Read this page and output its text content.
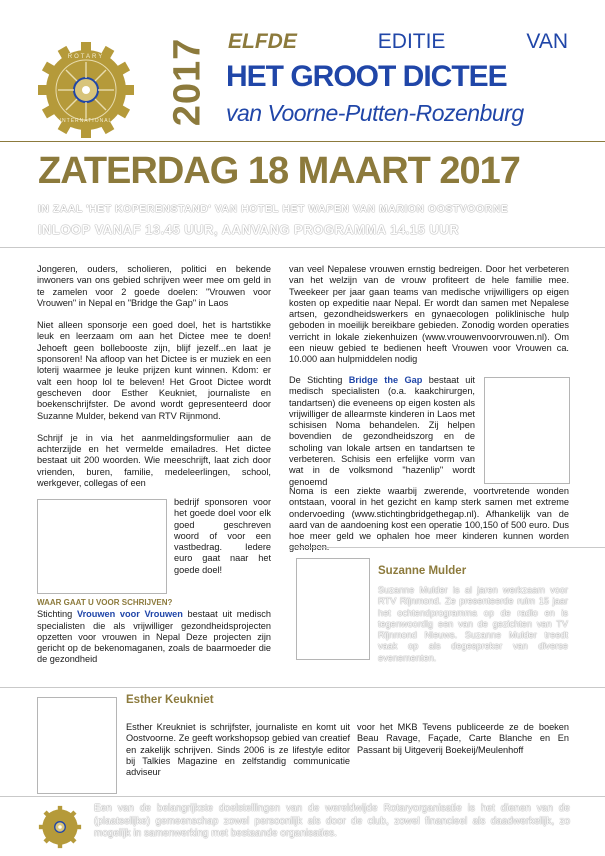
ROTARY
INTERNATIONAL 2017 ELFDE	EDITIE	VAN
HET GROOT DICTEE
van Voorne-Putten-Rozenburg
ZATERDAG 18 MAART 2017
IN ZAAL 'HET KOPERENSTAND' VAN HOTEL HET WAPEN VAN MARION OOSTVOORNE
INLOOP VANAF 13.45 UUR, AANVANG PROGRAMMA 14.15 UUR

Jongeren, ouders, scholieren, politici en bekende inwoners van ons gebied schrijven weer mee om geld in te zamelen voor 2 goede doelen: "Vrouwen voor Vrouwen" in Nepal en "Bridge the Gap" in Laos

Niet alleen sponsorje een goed doel, het is hartstikke leuk en leerzaam om aan het Dictee mee te doen! Jehoeft geen bollebooste zijn, blijf jezelf...en laat je sponsoren! Na afloop van het Dictee is er muziek en een loterij waarmee je leuke prijzen kunt winnen. Kdom: er valt een hoop lol te beleven! Het Groot Dictee wordt gescheven door Esther Keukniet, journaliste en boekenschrijfster. De avond wordt gepresenteerd door Suzanne Mulder, bekend van RTV Rijnmond.

Schrijf je in via het aanmeldingsformulier aan de achterzijde en het vermelde emailadres. Het dictee bestaat uit 200 woorden. Wie meeschrijft, laat zich door vrienden, buren, familie, medeleerlingen, school, werkgever, collegas of een

bedrijf sponsoren voor het goede doel voor elk goed geschreven woord of voor een vastbedrag. Iedere euro gaat naar het goede doel!
WAAR GAAT U VOOR SCHRIJVEN?
Stichting Vrouwen voor Vrouwen bestaat uit medisch specialisten die als vrijwilliger gezondheidsprojecten opzetten voor vrouwen in Nepal Deze projecten zijn gericht op de bekenomaganen, zoals de baarmoeder die de gezondheid

van veel Nepalese vrouwen ernstig bedreigen. Door het verbeteren van het welzijn van de vrouw profiteert de hele familie mee. Tweekeer per jaar gaan teams van medische vrijwilligers op eigen kosten op expeditie naar Nepal. Er wordt dan samen met Nepalese artsen, gezondheidswerkers en gynaecologen poliklinische hulp geboden in moeilijk bereikbare gebieden. Zonodig worden operaties verricht in lokale ziekenhuizen (www.vrouwenvoorvrouwen.nl). Om een nieuw gebied te bedienen heeft Vrouwen voor Vrouwen ca. 10.000 aan hulpmiddelen nodig

De Stichting Bridge the Gap bestaat uit medisch specialisten (o.a. kaakchirurgen, tandartsen) die eveneens op eigen kosten als vrijwilliger de allearmste kinderen in Laos met schisisen Noma behandelen. Zij helpen bovendien de gezondheidszorg en de scholing van lokale artsen en tandartsen te verbeteren. Schisis een erfelijke vorm van wat in de volksmond "hazenlip" wordt genoemd
Noma is een ziekte waarbij zwerende, voortvretende wonden ontstaan, vooral in het gezicht en kamp sterk samen met extreme ondervoeding (www.stichtingbridgethegap.nl). Afhankelijk van de aard van de aandoening kost een operatie 100,150 of 500 euro. Dus hoe meer geld we ophalen hoe meer kinderen kunnen worden
Suzanne Mulder
Suzanne Mulder is al jaren werkzaam voor RTV Rijnmond. Ze presenteerde ruim 15 jaar het ochtendprogramma op de radio en is tegenwoordig een van de gezichten van TV Rijnmond Nieuws. Suzanne Mulder treedt vaak op als degespreker van diverse evenementen.
Esther Keukniet
Esther Kreukniet is schrijfster, journaliste en komt uit Oostvoorne. Ze geeft workshopsop gebied van creatief en zakelijk schrijven. Sinds 2006 is ze lifestyle editor bij Talkies Magazine en zelfstandig communicatie adviseur
voor het MKB Tevens publiceerde ze de boeken Beau Ravage, Façade, Carte Blanche en En Passant bij Uitgeverij Boekeij/Meulenhoff
Een van de belangrijkste doelstellingen van de wereldwijde Rotaryorganisatie is het dienen van de (plaatselijke) gemeenschap zowel persoonlijk als door de club, zowel financieel als daadwerkelijk, zo mogelijk in samenwerking met bestaande organisaties.
